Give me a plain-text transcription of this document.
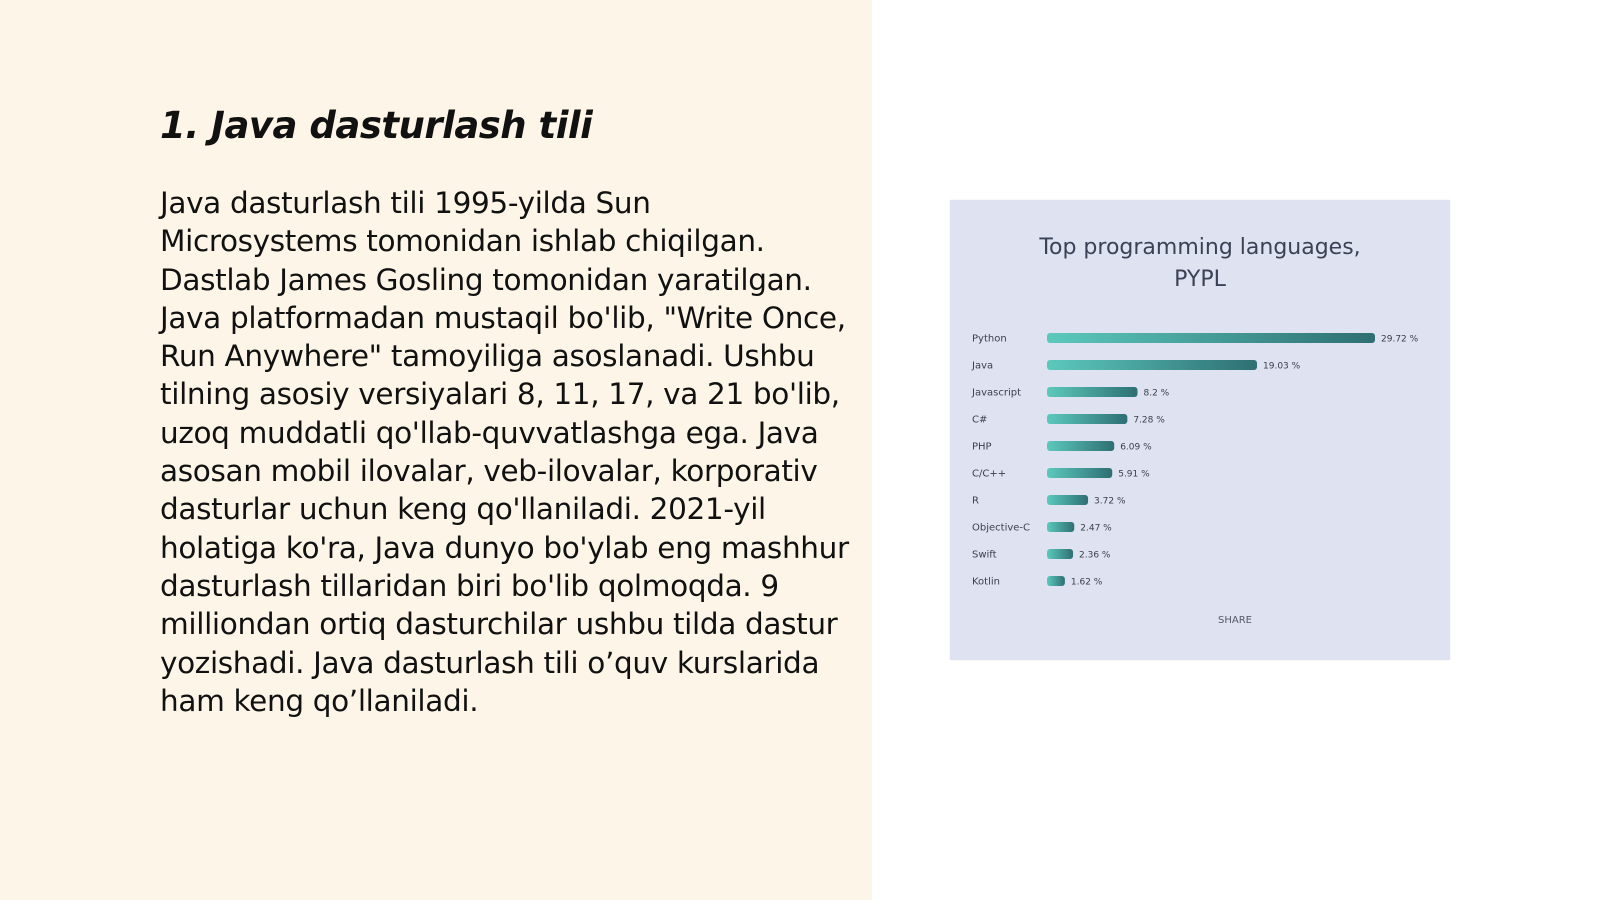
1. Java dasturlash tili

Java dasturlash tili 1995-yilda Sun Microsystems tomonidan ishlab chiqilgan. Dastlab James Gosling tomonidan yaratilgan. Java platformadan mustaqil bo'lib, "Write Once, Run Anywhere" tamoyiliga asoslanadi. Ushbu tilning asosiy versiyalari 8, 11, 17, va 21 bo'lib, uzoq muddatli qo'llab-quvvatlashga ega. Java asosan mobil ilovalar, veb-ilovalar, korporativ dasturlar uchun keng qo'llaniladi. 2021-yil holatiga ko'ra, Java dunyo bo'ylab eng mashhur dasturlash tillaridan biri bo'lib qolmoqda. 9 milliondan ortiq dasturchilar ushbu tilda dastur yozishadi. Java dasturlash tili o’quv kurslarida ham keng qo’llaniladi.

Top programming languages,
PYPL
Python	29.72 %
Java	19.03 %
Javascript	8.2 %
C#	7.28 %
PHP	6.09 %
C/C++	5.91 %
R	3.72 %
Objective-C	2.47 %
Swift	2.36 %
Kotlin	1.62 %
SHARE
